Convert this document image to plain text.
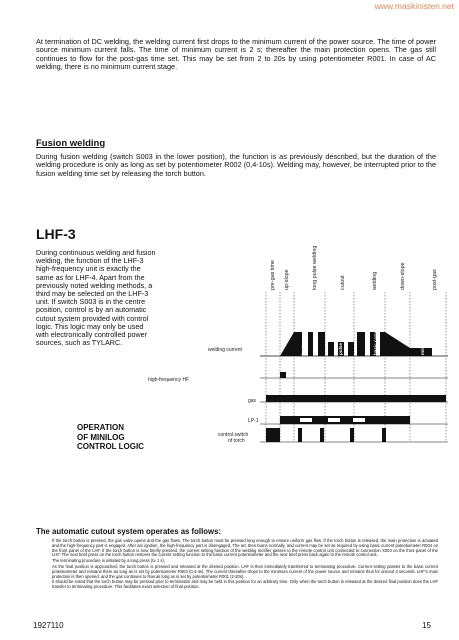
www.maskinisten.net

At termination of DC welding, the welding current first drops to the minimum current of the power source. The time of power source minimum current falls. The time of minimum current is 2 s; thereafter the main protection opens. The gas still continues to flow for the post-gas time set. This may be set from 2 to 20s by using potentiometer R001. In case of AC welding, there is no minimum current stage.

Fusion welding

During fusion welding (switch S003 in the lower position), the function is as previously described, but the duration of the welding procedure is only as long as set by potentiometer R002 (0,4-10s). Welding may, however, be interrupted prior to the fusion welding time set by releasing the torch button.

LHF-3

During continuous welding and fusion welding, the function of the LHF-3 high-frequency unit is exactly the same as for LHF-4. Apart from the previously noted welding methods, a third may be selected on the LHF-3 unit. If switch S003 is in the centre position, control is by an automatic cutout system provided with control logic. This logic may only be used with electronically controlled power sources, such as TYLARC.

pre-gas time up-slope	long pulse welding	cutout	welding	down-slope	post-gas
basic current	pulse current	basic current	minimum current
welding current
high-frequency HF
gas
LP-1
control switch
of torch
OPERATION
OF MINILOG
CONTROL LOGIC
The automatic cutout system operates as follows:

If the torch button is pressed, the gas valve opens and the gas flows. The torch button must be pressed long enough to ensure uniform gas flow. If the torch button is released, the main protection is actuated and the high-frequency part is engaged. After arc ignition, the high-frequency part is disengaged. The arc then burns normally, and current may be set as required by using basic current potentiometer R004 on the front panel of the LHF. If the torch button is now briefly pressed, the current setting function of the welding rectifier passes to the remote control unit connected to connection X003 on the front panel of the LHF. The next brief press on the torch button restores the current setting function to the basic current potentiometer and the next brief press back again to the remote control unit.

The terminating procedure is initiated by a long press (t≥ 1 s).

As the final position is approached, the torch button is pressed and released at the desired position. LHF is then immediately transferred to terminating procedure. Current setting passes to the basic current potentiometer and remains there as long as is set by potentiometer R003 (0,4-4s). The current thereafter drops to the minimum current of the power source and remains thus for around 2 seconds. LHF's main protection is then opened, and the gas continues to flow as long as is set by potentiometer R001 (2-20s).

It should be noted that the torch button may be pressed prior to termination and may be held in this position for an arbitrary time. Only when the torch button is released at the desired final position does the LHF transfer to terminating procedure. This facilitates exact selection of final position.

1927110	15
